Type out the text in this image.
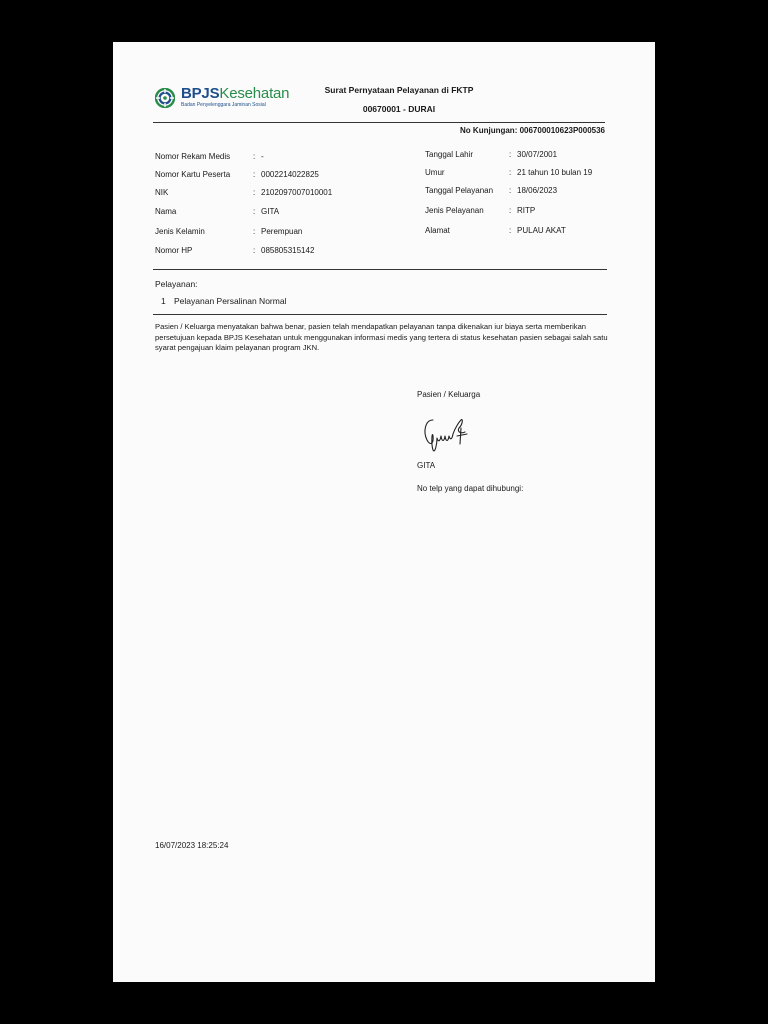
BPJSKesehatan
Badan Penyelenggara Jaminan Sosial
Surat Pernyataan Pelayanan di FKTP
00670001 - DURAI
No Kunjungan: 006700010623P000536
Nomor Rekam Medis	: -
Nomor Kartu Peserta	: 0002214022825
NIK	: 2102097007010001
Nama	: GITA
Jenis Kelamin	: Perempuan
Nomor HP	: 085805315142
Tanggal Lahir	: 30/07/2001
Umur	: 21 tahun 10 bulan 19
Tanggal Pelayanan : 18/06/2023
Jenis Pelayanan	: RITP
Alamat	: PULAU AKAT
Pelayanan:
1 Pelayanan Persalinan Normal
Pasien / Keluarga menyatakan bahwa benar, pasien telah mendapatkan pelayanan tanpa dikenakan iur biaya serta memberikan persetujuan kepada BPJS Kesehatan untuk menggunakan informasi medis yang tertera di status kesehatan pasien sebagai salah satu syarat pengajuan klaim pelayanan program JKN.
Pasien / Keluarga
GITA
No telp yang dapat dihubungi:
16/07/2023 18:25:24
